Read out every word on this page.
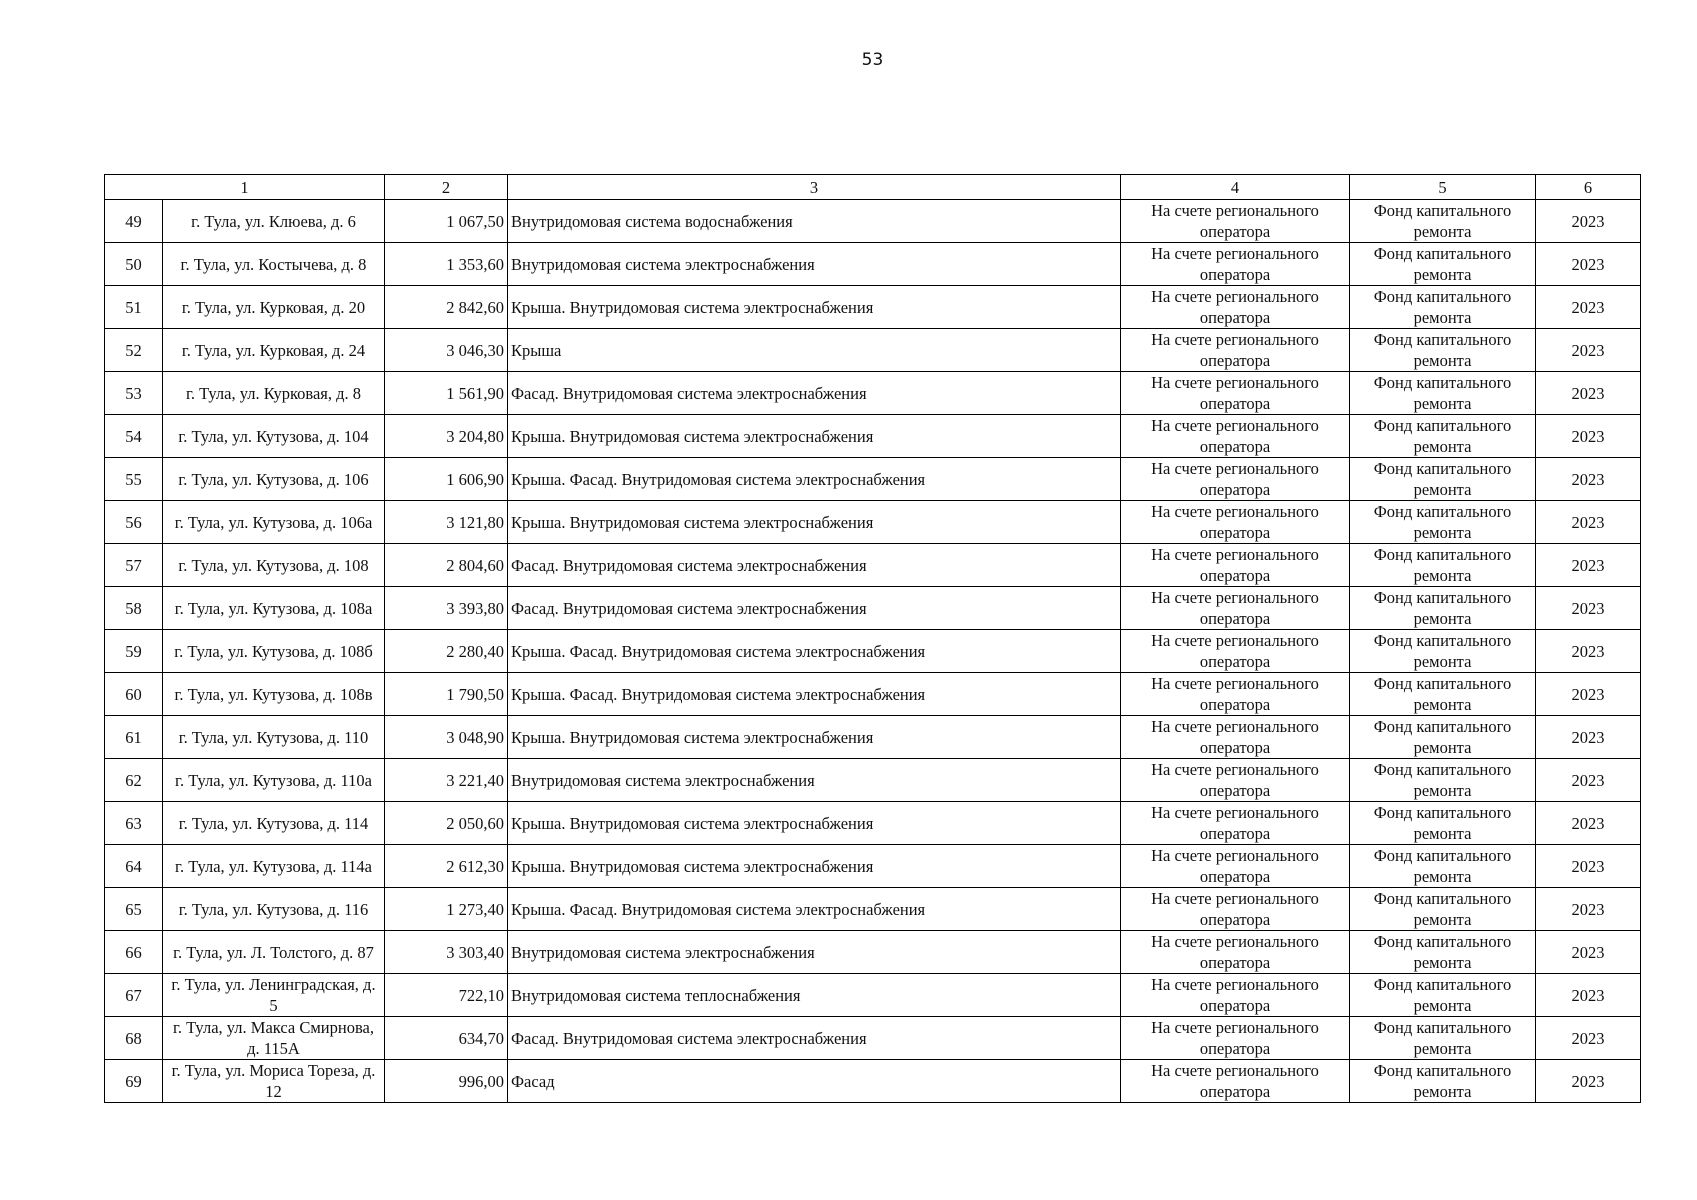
53
1		2	3	4	5	6
49	г. Тула, ул. Клюева, д. 6	1 067,50	Внутридомовая система водоснабжения	На счете регионального оператора	Фонд капитального ремонта	2023
50	г. Тула, ул. Костычева, д. 8	1 353,60	Внутридомовая система электроснабжения	На счете регионального оператора	Фонд капитального ремонта	2023
51	г. Тула, ул. Курковая, д. 20	2 842,60	Крыша. Внутридомовая система электроснабжения	На счете регионального оператора	Фонд капитального ремонта	2023
52	г. Тула, ул. Курковая, д. 24	3 046,30	Крыша	На счете регионального оператора	Фонд капитального ремонта	2023
53	г. Тула, ул. Курковая, д. 8	1 561,90	Фасад. Внутридомовая система электроснабжения	На счете регионального оператора	Фонд капитального ремонта	2023
54	г. Тула, ул. Кутузова, д. 104	3 204,80	Крыша. Внутридомовая система электроснабжения	На счете регионального оператора	Фонд капитального ремонта	2023
55	г. Тула, ул. Кутузова, д. 106	1 606,90	Крыша. Фасад. Внутридомовая система электроснабжения	На счете регионального оператора	Фонд капитального ремонта	2023
56	г. Тула, ул. Кутузова, д. 106а	3 121,80	Крыша. Внутридомовая система электроснабжения	На счете регионального оператора	Фонд капитального ремонта	2023
57	г. Тула, ул. Кутузова, д. 108	2 804,60	Фасад. Внутридомовая система электроснабжения	На счете регионального оператора	Фонд капитального ремонта	2023
58	г. Тула, ул. Кутузова, д. 108а	3 393,80	Фасад. Внутридомовая система электроснабжения	На счете регионального оператора	Фонд капитального ремонта	2023
59	г. Тула, ул. Кутузова, д. 108б	2 280,40	Крыша. Фасад. Внутридомовая система электроснабжения	На счете регионального оператора	Фонд капитального ремонта	2023
60	г. Тула, ул. Кутузова, д. 108в	1 790,50	Крыша. Фасад. Внутридомовая система электроснабжения	На счете регионального оператора	Фонд капитального ремонта	2023
61	г. Тула, ул. Кутузова, д. 110	3 048,90	Крыша. Внутридомовая система электроснабжения	На счете регионального оператора	Фонд капитального ремонта	2023
62	г. Тула, ул. Кутузова, д. 110а	3 221,40	Внутридомовая система электроснабжения	На счете регионального оператора	Фонд капитального ремонта	2023
63	г. Тула, ул. Кутузова, д. 114	2 050,60	Крыша. Внутридомовая система электроснабжения	На счете регионального оператора	Фонд капитального ремонта	2023
64	г. Тула, ул. Кутузова, д. 114а	2 612,30	Крыша. Внутридомовая система электроснабжения	На счете регионального оператора	Фонд капитального ремонта	2023
65	г. Тула, ул. Кутузова, д. 116	1 273,40	Крыша. Фасад. Внутридомовая система электроснабжения	На счете регионального оператора	Фонд капитального ремонта	2023
66	г. Тула, ул. Л. Толстого, д. 87	3 303,40	Внутридомовая система электроснабжения	На счете регионального оператора	Фонд капитального ремонта	2023
67	г. Тула, ул. Ленинградская, д. 5	722,10	Внутридомовая система теплоснабжения	На счете регионального оператора	Фонд капитального ремонта	2023
68	г. Тула, ул. Макса Смирнова, д. 115А	634,70	Фасад. Внутридомовая система электроснабжения	На счете регионального оператора	Фонд капитального ремонта	2023
69	г. Тула, ул. Мориса Тореза, д. 12	996,00	Фасад	На счете регионального оператора	Фонд капитального ремонта	2023
